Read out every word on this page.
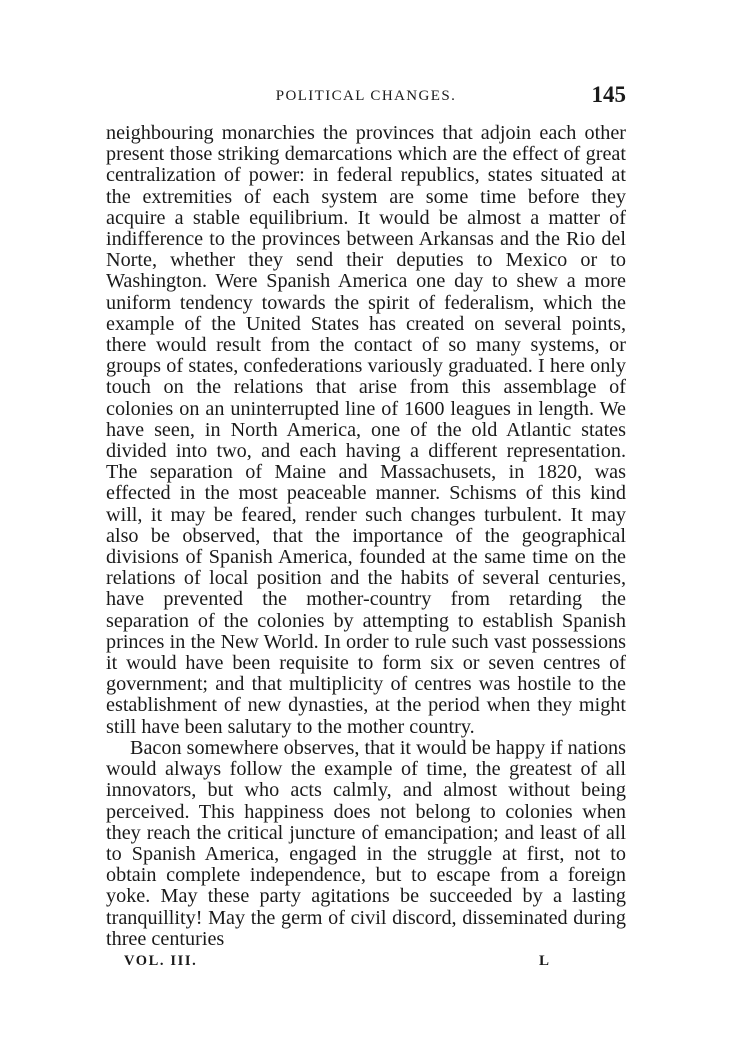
POLITICAL CHANGES.	145

neighbouring monarchies the provinces that adjoin each other present those striking demarcations which are the effect of great centralization of power: in federal republics, states situated at the extremities of each system are some time before they acquire a stable equilibrium. It would be almost a matter of indifference to the provinces between Arkansas and the Rio del Norte, whether they send their deputies to Mexico or to Washington. Were Spanish America one day to shew a more uniform tendency towards the spirit of federalism, which the example of the United States has created on several points, there would result from the contact of so many systems, or groups of states, confederations variously graduated. I here only touch on the relations that arise from this assemblage of colonies on an uninterrupted line of 1600 leagues in length. We have seen, in North America, one of the old Atlantic states divided into two, and each having a different representation. The separation of Maine and Massachusets, in 1820, was effected in the most peaceable manner. Schisms of this kind will, it may be feared, render such changes turbulent. It may also be observed, that the importance of the geographical divisions of Spanish America, founded at the same time on the relations of local position and the habits of several centuries, have prevented the mother-country from retarding the separation of the colonies by attempting to establish Spanish princes in the New World. In order to rule such vast possessions it would have been requisite to form six or seven centres of government; and that multiplicity of centres was hostile to the establishment of new dynasties, at the period when they might still have been salutary to the mother country.

Bacon somewhere observes, that it would be happy if nations would always follow the example of time, the greatest of all innovators, but who acts calmly, and almost without being perceived. This happiness does not belong to colonies when they reach the critical juncture of emancipation; and least of all to Spanish America, engaged in the struggle at first, not to obtain complete independence, but to escape from a foreign yoke. May these party agitations be succeeded by a lasting tranquillity! May the germ of civil discord, disseminated during three centuries

VOL. III.	L
